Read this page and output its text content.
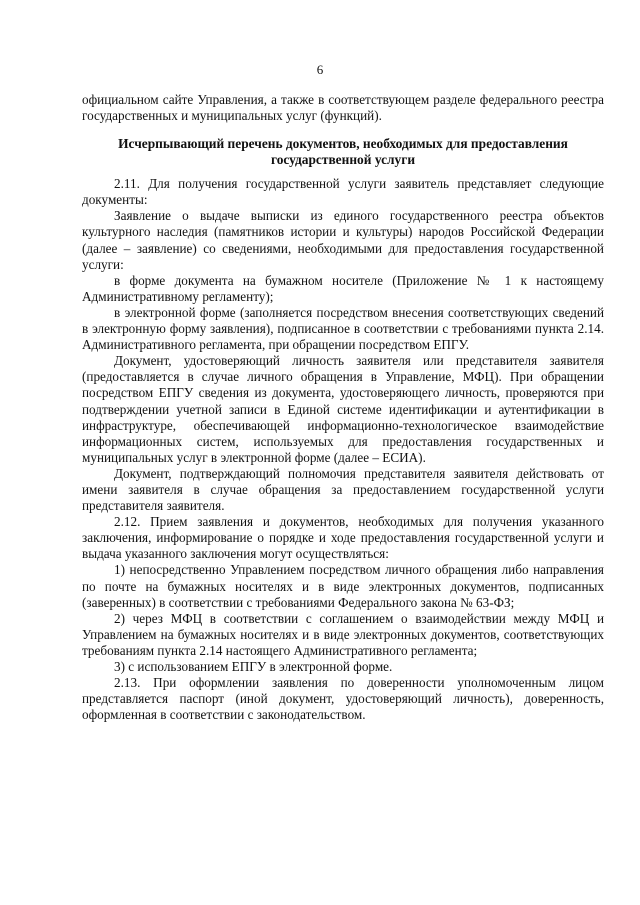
6

официальном сайте Управления, а также в соответствующем разделе федерального реестра государственных и муниципальных услуг (функций).

Исчерпывающий перечень документов, необходимых для предоставления государственной услуги

2.11. Для получения государственной услуги заявитель представляет следующие документы:

Заявление о выдаче выписки из единого государственного реестра объектов культурного наследия (памятников истории и культуры) народов Российской Федерации (далее – заявление) со сведениями, необходимыми для предоставления государственной услуги:

в форме документа на бумажном носителе (Приложение № 1 к настоящему Административному регламенту);

в электронной форме (заполняется посредством внесения соответствующих сведений в электронную форму заявления), подписанное в соответствии с требованиями пункта 2.14. Административного регламента, при обращении посредством ЕПГУ.

Документ, удостоверяющий личность заявителя или представителя заявителя (предоставляется в случае личного обращения в Управление, МФЦ). При обращении посредством ЕПГУ сведения из документа, удостоверяющего личность, проверяются при подтверждении учетной записи в Единой системе идентификации и аутентификации в инфраструктуре, обеспечивающей информационно-технологическое взаимодействие информационных систем, используемых для предоставления государственных и муниципальных услуг в электронной форме (далее – ЕСИА).

Документ, подтверждающий полномочия представителя заявителя действовать от имени заявителя в случае обращения за предоставлением государственной услуги представителя заявителя.

2.12. Прием заявления и документов, необходимых для получения указанного заключения, информирование о порядке и ходе предоставления государственной услуги и выдача указанного заключения могут осуществляться:

1) непосредственно Управлением посредством личного обращения либо направления по почте на бумажных носителях и в виде электронных документов, подписанных (заверенных) в соответствии с требованиями Федерального закона № 63-ФЗ;

2) через МФЦ в соответствии с соглашением о взаимодействии между МФЦ и Управлением на бумажных носителях и в виде электронных документов, соответствующих требованиям пункта 2.14 настоящего Административного регламента;

3) с использованием ЕПГУ в электронной форме.

2.13. При оформлении заявления по доверенности уполномоченным лицом представляется паспорт (иной документ, удостоверяющий личность), доверенность, оформленная в соответствии с законодательством.
